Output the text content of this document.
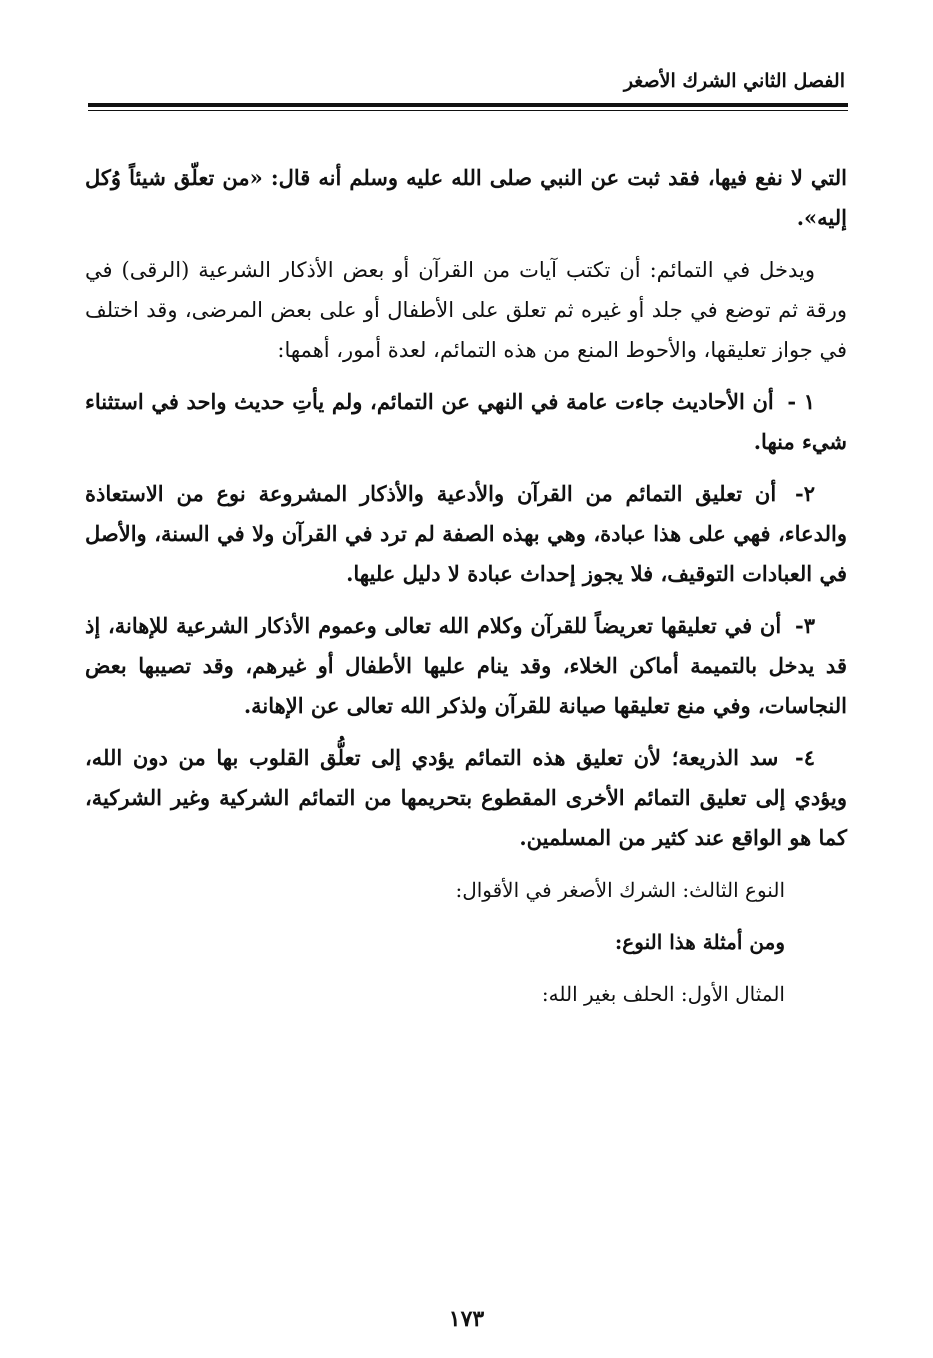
الفصل الثاني الشرك الأصغر

التي لا نفع فيها، فقد ثبت عن النبي صلى الله عليه وسلم أنه قال: «من تعلّق شيئاً وُكل إليه».

ويدخل في التمائم: أن تكتب آيات من القرآن أو بعض الأذكار الشرعية (الرقى) في ورقة ثم توضع في جلد أو غيره ثم تعلق على الأطفال أو على بعض المرضى، وقد اختلف في جواز تعليقها، والأحوط المنع من هذه التمائم، لعدة أمور، أهمها:

١ - أن الأحاديث جاءت عامة في النهي عن التمائم، ولم يأتِ حديث واحد في استثناء شيء منها.

٢- أن تعليق التمائم من القرآن والأدعية والأذكار المشروعة نوع من الاستعاذة والدعاء، فهي على هذا عبادة، وهي بهذه الصفة لم ترد في القرآن ولا في السنة، والأصل في العبادات التوقيف، فلا يجوز إحداث عبادة لا دليل عليها.

٣- أن في تعليقها تعريضاً للقرآن وكلام الله تعالى وعموم الأذكار الشرعية للإهانة، إذ قد يدخل بالتميمة أماكن الخلاء، وقد ينام عليها الأطفال أو غيرهم، وقد تصيبها بعض النجاسات، وفي منع تعليقها صيانة للقرآن ولذكر الله تعالى عن الإهانة.

٤- سد الذريعة؛ لأن تعليق هذه التمائم يؤدي إلى تعلُّق القلوب بها من دون الله، ويؤدي إلى تعليق التمائم الأخرى المقطوع بتحريمها من التمائم الشركية وغير الشركية، كما هو الواقع عند كثير من المسلمين.

النوع الثالث: الشرك الأصغر في الأقوال:

ومن أمثلة هذا النوع:

المثال الأول: الحلف بغير الله:

١٧٣
